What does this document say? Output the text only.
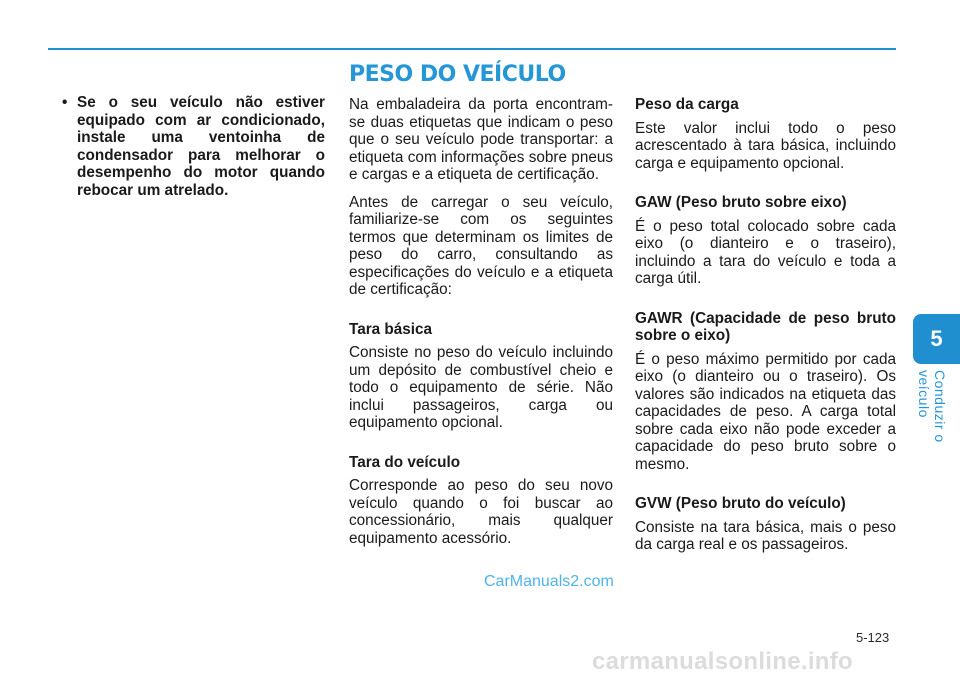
PESO DO VEÍCULO
• Se o seu veículo não estiver equipado com ar condicionado, instale uma ventoinha de condensador para melhorar o desempenho do motor quando rebocar um atrelado.

Na embaladeira da porta encontram-se duas etiquetas que indicam o peso que o seu veículo pode transportar: a etiqueta com informações sobre pneus e cargas e a etiqueta de certificação.

Antes de carregar o seu veículo, familiarize-se com os seguintes termos que determinam os limites de peso do carro, consultando as especificações do veículo e a etiqueta de certificação:

Tara básica

Consiste no peso do veículo incluindo um depósito de combustível cheio e todo o equipamento de série. Não inclui passageiros, carga ou equipamento opcional.

Tara do veículo

Corresponde ao peso do seu novo veículo quando o foi buscar ao concessionário, mais qualquer equipamento acessório.

Peso da carga

Este valor inclui todo o peso acrescentado à tara básica, incluindo carga e equipamento opcional.

GAW (Peso bruto sobre eixo)

É o peso total colocado sobre cada eixo (o dianteiro e o traseiro), incluindo a tara do veículo e toda a carga útil.

GAWR (Capacidade de peso bruto sobre o eixo)

É o peso máximo permitido por cada eixo (o dianteiro ou o traseiro). Os valores são indicados na etiqueta das capacidades de peso. A carga total sobre cada eixo não pode exceder a capacidade do peso bruto sobre o mesmo.

GVW (Peso bruto do veículo)

Consiste na tara básica, mais o peso da carga real e os passageiros.

5
Conduzir o veículo
CarManuals2.com
5-123
carmanualsonline.info
